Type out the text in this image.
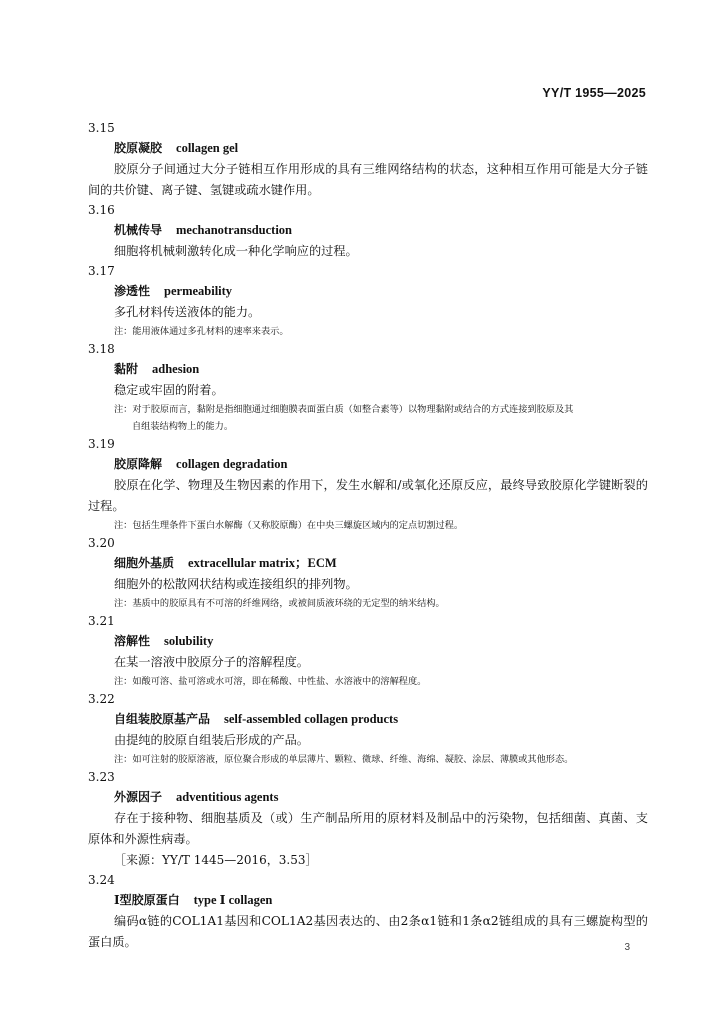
YY/T 1955—2025
3.15
胶原凝胶 collagen gel
胶原分子间通过大分子链相互作用形成的具有三维网络结构的状态，这种相互作用可能是大分子链间的共价键、离子键、氢键或疏水键作用。
3.16
机械传导 mechanotransduction
细胞将机械刺激转化成一种化学响应的过程。
3.17
渗透性 permeability
多孔材料传送液体的能力。
注：能用液体通过多孔材料的速率来表示。
3.18
黏附 adhesion
稳定或牢固的附着。
注：对于胶原而言，黏附是指细胞通过细胞膜表面蛋白质（如整合素等）以物理黏附或结合的方式连接到胶原及其
自组装结构物上的能力。
3.19
胶原降解 collagen degradation
胶原在化学、物理及生物因素的作用下，发生水解和/或氧化还原反应，最终导致胶原化学键断裂的过程。
注：包括生理条件下蛋白水解酶（又称胶原酶）在中央三螺旋区域内的定点切割过程。
3.20
细胞外基质 extracellular matrix；ECM
细胞外的松散网状结构或连接组织的排列物。
注：基质中的胶原具有不可溶的纤维网络，或被间质液环绕的无定型的纳米结构。
3.21
溶解性 solubility
在某一溶液中胶原分子的溶解程度。
注：如酸可溶、盐可溶或水可溶，即在稀酸、中性盐、水溶液中的溶解程度。
3.22
自组装胶原基产品 self-assembled collagen products
由提纯的胶原自组装后形成的产品。
注：如可注射的胶原溶液，原位聚合形成的单层薄片、颗粒、微球、纤维、海绵、凝胶、涂层、薄膜或其他形态。
3.23
外源因子 adventitious agents
存在于接种物、细胞基质及（或）生产制品所用的原材料及制品中的污染物，包括细菌、真菌、支原体和外源性病毒。
［来源：YY/T 1445—2016，3.53］
3.24
Ⅰ型胶原蛋白 type Ⅰ collagen
编码α链的COL1A1基因和COL1A2基因表达的、由2条α1链和1条α2链组成的具有三螺旋构型的蛋白质。	3
